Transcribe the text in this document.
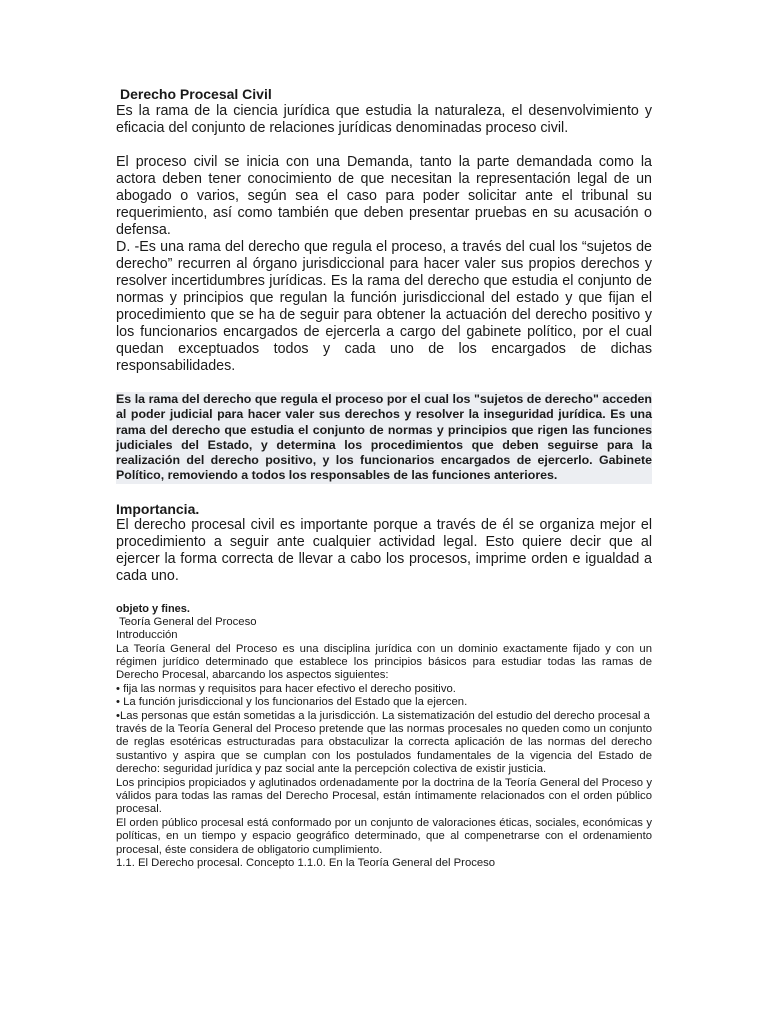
Derecho Procesal Civil

Es la rama de la ciencia jurídica que estudia la naturaleza, el desenvolvimiento y eficacia del conjunto de relaciones jurídicas denominadas proceso civil.

El proceso civil se inicia con una Demanda, tanto la parte demandada como la actora deben tener conocimiento de que necesitan la representación legal de un abogado o varios, según sea el caso para poder solicitar ante el tribunal su requerimiento, así como también que deben presentar pruebas en su acusación o defensa.

D. -Es una rama del derecho que regula el proceso, a través del cual los “sujetos de derecho” recurren al órgano jurisdiccional para hacer valer sus propios derechos y resolver incertidumbres jurídicas. Es la rama del derecho que estudia el conjunto de normas y principios que regulan la función jurisdiccional del estado y que fijan el procedimiento que se ha de seguir para obtener la actuación del derecho positivo y los funcionarios encargados de ejercerla a cargo del gabinete político, por el cual quedan exceptuados todos y cada uno de los encargados de dichas responsabilidades.

Es la rama del derecho que regula el proceso por el cual los "sujetos de derecho" acceden al poder judicial para hacer valer sus derechos y resolver la inseguridad jurídica. Es una rama del derecho que estudia el conjunto de normas y principios que rigen las funciones judiciales del Estado, y determina los procedimientos que deben seguirse para la realización del derecho positivo, y los funcionarios encargados de ejercerlo. Gabinete Político, removiendo a todos los responsables de las funciones anteriores.

Importancia.

El derecho procesal civil es importante porque a través de él se organiza mejor el procedimiento a seguir ante cualquier actividad legal. Esto quiere decir que al ejercer la forma correcta de llevar a cabo los procesos, imprime orden e igualdad a cada uno.

objeto y fines.

Teoría General del Proceso

Introducción

La Teoría General del Proceso es una disciplina jurídica con un dominio exactamente fijado y con un régimen jurídico determinado que establece los principios básicos para estudiar todas las ramas de Derecho Procesal, abarcando los aspectos siguientes:

• fija las normas y requisitos para hacer efectivo el derecho positivo.

• La función jurisdiccional y los funcionarios del Estado que la ejercen.

•Las personas que están sometidas a la jurisdicción. La sistematización del estudio del derecho procesal a

través de la Teoría General del Proceso pretende que las normas procesales no queden como un conjunto de reglas esotéricas estructuradas para obstaculizar la correcta aplicación de las normas del derecho sustantivo y aspira que se cumplan con los postulados fundamentales de la vigencia del Estado de derecho: seguridad jurídica y paz social ante la percepción colectiva de existir justicia.

Los principios propiciados y aglutinados ordenadamente por la doctrina de la Teoría General del Proceso y válidos para todas las ramas del Derecho Procesal, están íntimamente relacionados con el orden público procesal.

El orden público procesal está conformado por un conjunto de valoraciones éticas, sociales, económicas y políticas, en un tiempo y espacio geográfico determinado, que al compenetrarse con el ordenamiento procesal, éste considera de obligatorio cumplimiento.

1.1. El Derecho procesal. Concepto 1.1.0. En la Teoría General del Proceso
